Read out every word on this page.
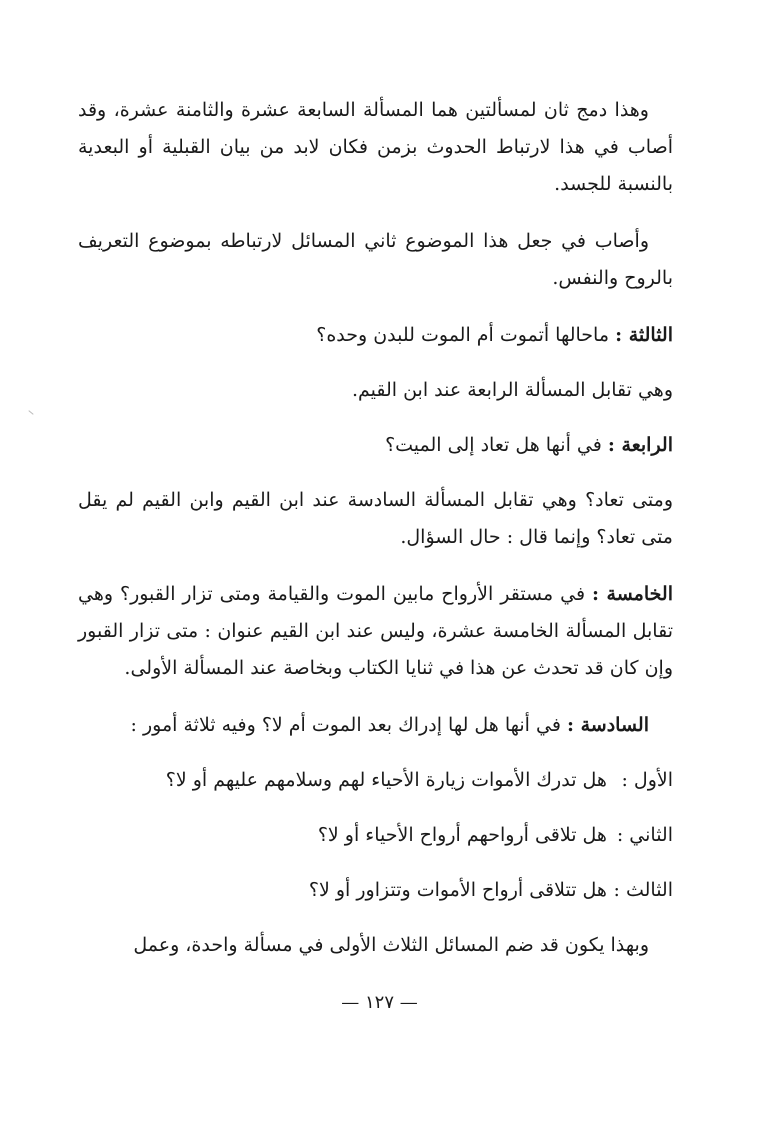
وهذا دمج ثان لمسألتين هما المسألة السابعة عشرة والثامنة عشرة، وقد أصاب في هذا لارتباط الحدوث بزمن فكان لابد من بيان القبلية أو البعدية بالنسبة للجسد.

وأصاب في جعل هذا الموضوع ثاني المسائل لارتباطه بموضوع التعريف بالروح والنفس.

الثالثة : ماحالها أتموت أم الموت للبدن وحده؟

وهي تقابل المسألة الرابعة عند ابن القيم.

الرابعة : في أنها هل تعاد إلى الميت؟

ومتى تعاد؟ وهي تقابل المسألة السادسة عند ابن القيم وابن القيم لم يقل متى تعاد؟ وإنما قال : حال السؤال.

الخامسة : في مستقر الأرواح مابين الموت والقيامة ومتى تزار القبور؟ وهي تقابل المسألة الخامسة عشرة، وليس عند ابن القيم عنوان : متى تزار القبور وإن كان قد تحدث عن هذا في ثنايا الكتاب وبخاصة عند المسألة الأولى.

السادسة : في أنها هل لها إدراك بعد الموت أم لا؟ وفيه ثلاثة أمور :

الأول : هل تدرك الأموات زيارة الأحياء لهم وسلامهم عليهم أو لا؟

الثاني : هل تلاقى أرواحهم أرواح الأحياء أو لا؟

الثالث : هل تتلاقى أرواح الأموات وتتزاور أو لا؟

وبهذا يكون قد ضم المسائل الثلاث الأولى في مسألة واحدة، وعمل

— ١٢٧ —
